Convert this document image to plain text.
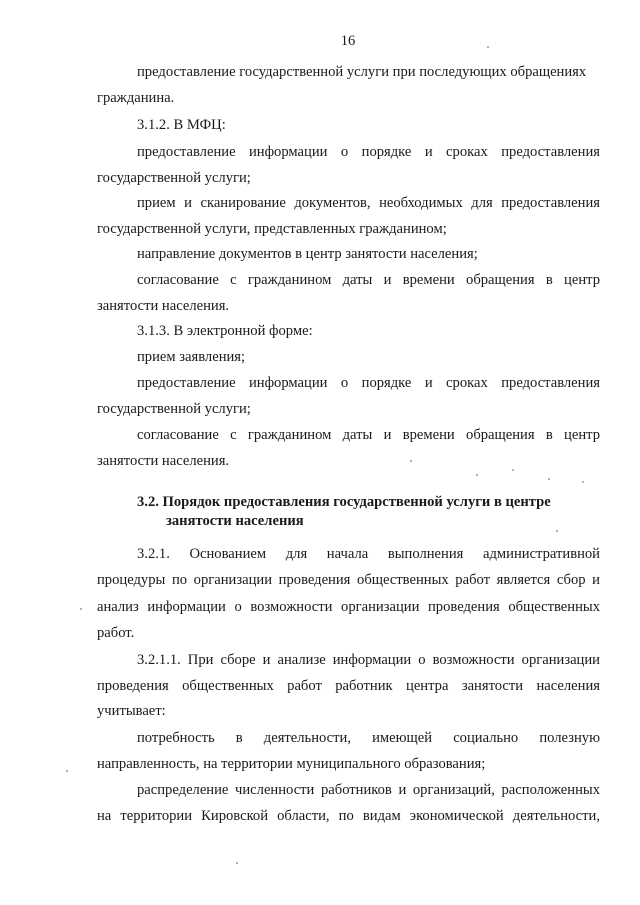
16
предоставление государственной услуги при последующих обращениях
гражданина.
3.1.2. В МФЦ:
предоставление информации о порядке и сроках предоставления
государственной услуги;
прием и сканирование документов, необходимых для предоставления
государственной услуги, представленных гражданином;
направление документов в центр занятости населения;
согласование с гражданином даты и времени обращения в центр
занятости населения.
3.1.3. В электронной форме:
прием заявления;
предоставление информации о порядке и сроках предоставления
государственной услуги;
согласование с гражданином даты и времени обращения в центр
занятости населения.
3.2. Порядок предоставления государственной услуги в центре
занятости населения
3.2.1. Основанием для начала выполнения административной
процедуры по организации проведения общественных работ является сбор и
анализ информации о возможности организации проведения общественных
работ.
3.2.1.1. При сборе и анализе информации о возможности организации
проведения общественных работ работник центра занятости населения
учитывает:
потребность в деятельности, имеющей социально полезную
направленность, на территории муниципального образования;
распределение численности работников и организаций, расположенных
на территории Кировской области, по видам экономической деятельности,
